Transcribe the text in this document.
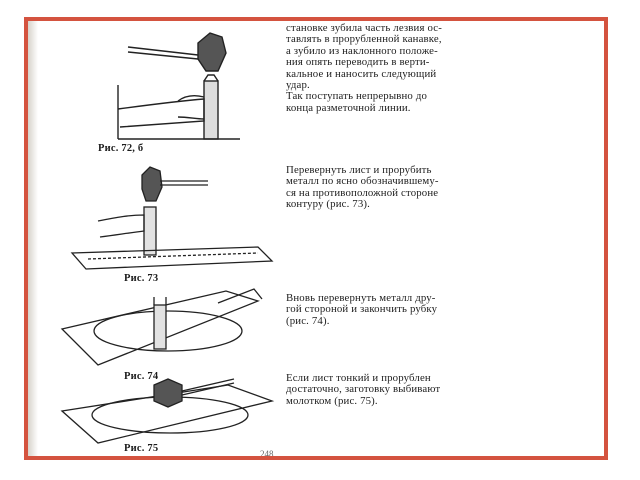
Рис. 72, б
Рис. 73
Рис. 74
Рис. 75

становке зубила часть лезвия ос-
тавлять в прорубленной канавке,
а зубило из наклонного положе-
ния опять переводить в верти-
кальное и наносить следующий
удар.
Так поступать непрерывно до
конца разметочной линии.

Перевернуть лист и прорубить
металл по ясно обозначившему-
ся на противоположной стороне
контуру (рис. 73).

Вновь перевернуть металл дру-
гой стороной и закончить рубку
(рис. 74).

Если лист тонкий и прорублен
достаточно, заготовку выбивают
молотком (рис. 75).

248
